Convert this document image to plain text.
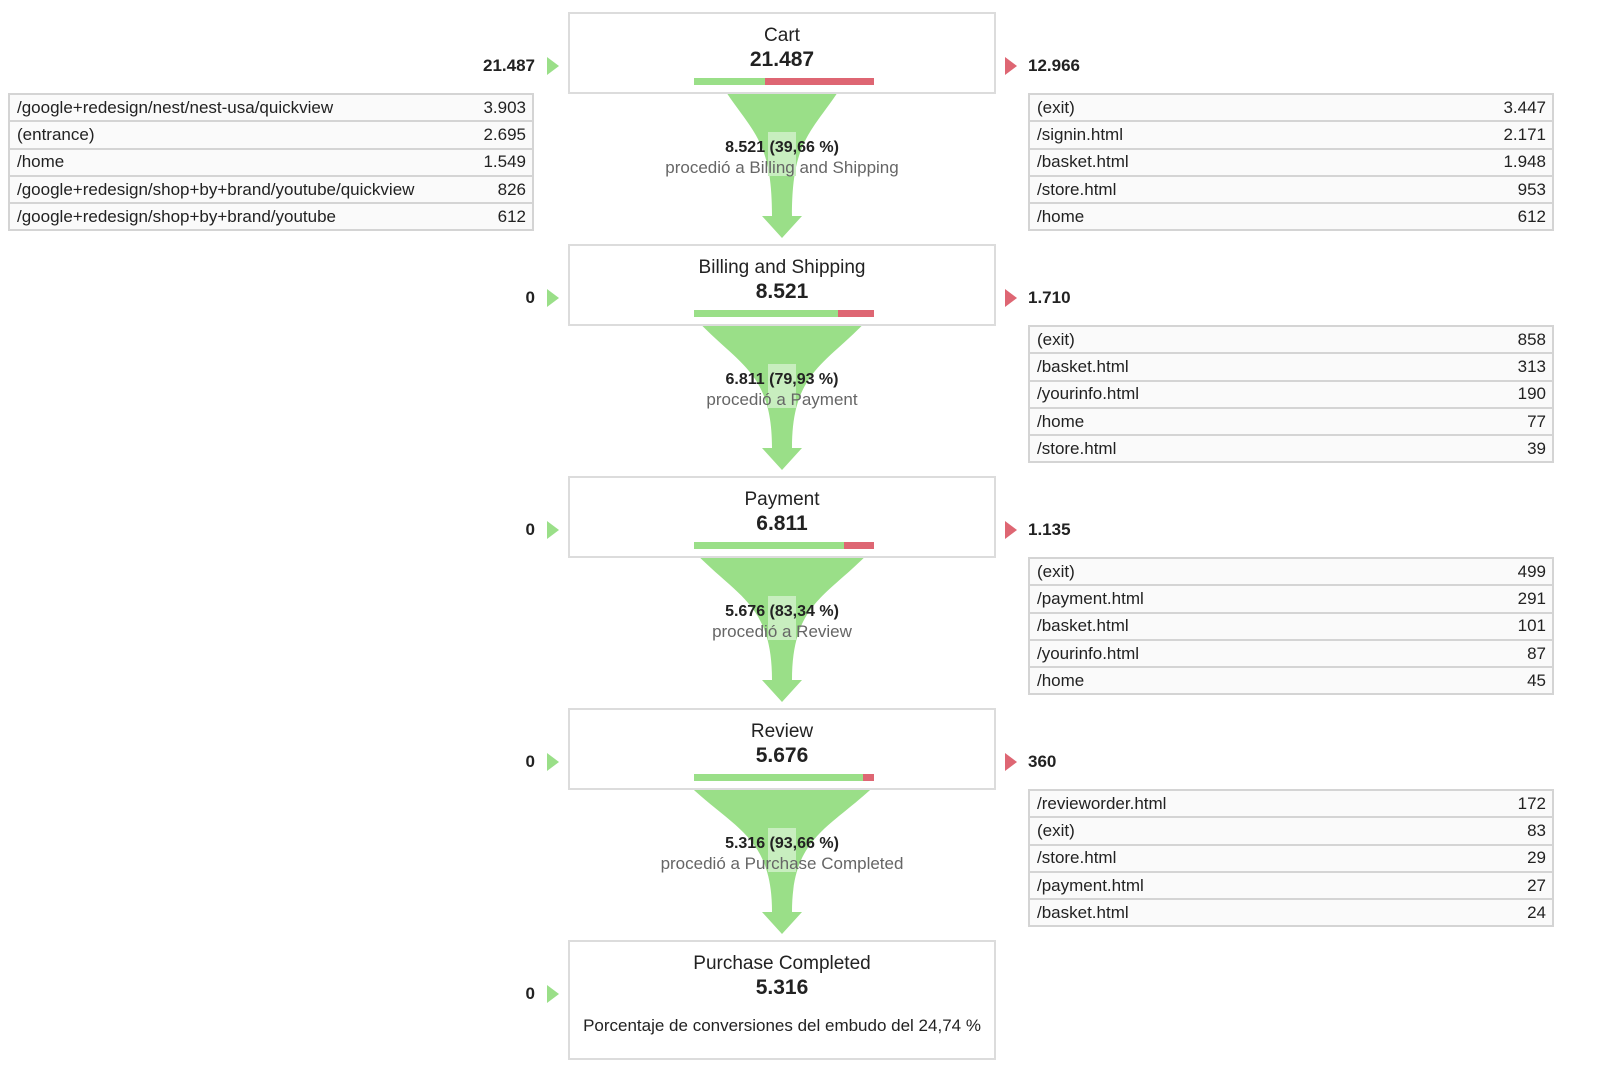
Cart
21.487
21.487
/google+redesign/nest/nest-usa/quickview	3.903
(entrance)	2.695
/home	1.549
/google+redesign/shop+by+brand/youtube/quickview	826
/google+redesign/shop+by+brand/youtube	612
12.966
(exit)	3.447
/signin.html	2.171
/basket.html	1.948
/store.html	953
/home	612
8.521 (39,66 %)
procedió a Billing and Shipping
Billing and Shipping
8.521
0	1.710
(exit)	858
/basket.html	313
/yourinfo.html	190
/home	77
/store.html	39
6.811 (79,93 %)
procedió a Payment
Payment
6.811
0	1.135
(exit)	499
/payment.html	291
/basket.html	101
/yourinfo.html	87
/home	45
5.676 (83,34 %)
procedió a Review
Review
5.676
0	360
/revieworder.html	172
(exit)	83
/store.html	29
/payment.html	27
/basket.html	24
5.316 (93,66 %)
procedió a Purchase Completed
Purchase Completed
5.316
Porcentaje de conversiones del embudo del 24,74 %
0
